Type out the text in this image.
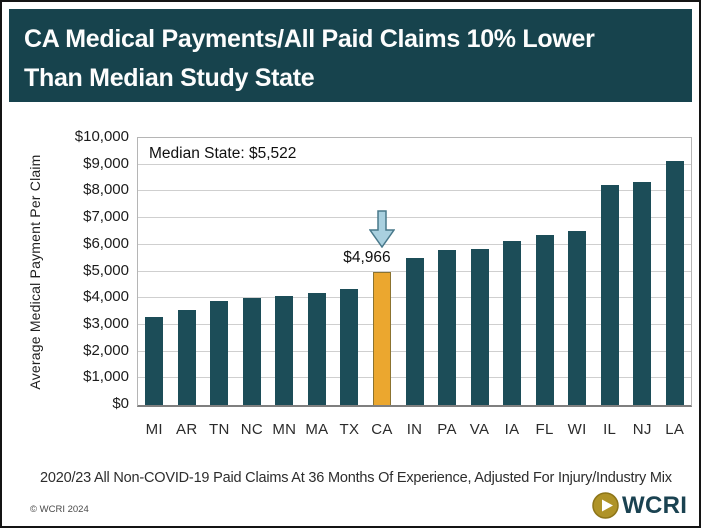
CA Medical Payments/All Paid Claims 10% Lower
Than Median Study State
Average Medical Payment Per Claim
$0
$1,000
$2,000
$3,000
$4,000
$5,000
$6,000
$7,000
$8,000
$9,000
$10,000
Median State: $5,522
MI AR TN NC MN MA TX CA IN PA VA	IA	FL WI	IL	NJ LA
$4,966
2020/23 All Non-COVID-19 Paid Claims At 36 Months Of Experience, Adjusted For Injury/Industry Mix
© WCRI 2024	WCRI
